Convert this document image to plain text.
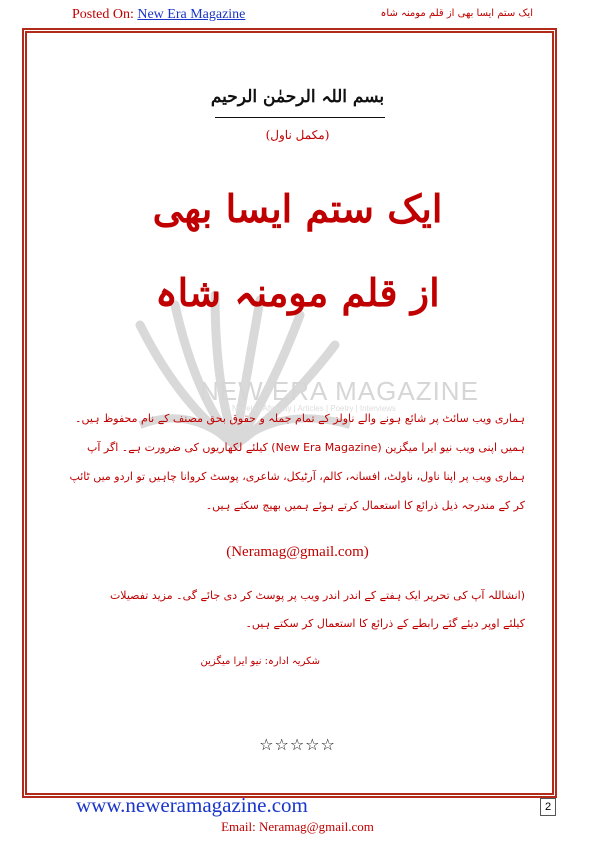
Posted On: New Era Magazine	ایک ستم ایسا بھی از قلم مومنہ شاہ
NEW ERA MAGAZINE
Novels | Afsanay | Articles | Poetry | Interviews
بسم اللہ الرحمٰن الرحیم
(مکمل ناول)
ایک ستم ایسا بھی
از قلم مومنہ شاہ
ہماری ویب سائٹ پر شائع ہونے والے ناولز کے تمام جملہ و حقوق بحق مصنف کے نام محفوظ ہیں۔ ہمیں اپنی ویب نیو ایرا میگزین (New Era Magazine) کیلئے لکھاریوں کی ضرورت ہے۔ اگر آپ ہماری ویب پر اپنا ناول، ناولٹ، افسانہ، کالم، آرٹیکل، شاعری، پوسٹ کروانا چاہیں تو اردو میں ٹائپ کر کے مندرجہ ذیل ذرائع کا استعمال کرتے ہوئے ہمیں بھیج سکتے ہیں۔
(Neramag@gmail.com)
(انشاللہ آپ کی تحریر ایک ہفتے کے اندر اندر ویب پر پوسٹ کر دی جائے گی۔ مزید تفصیلات کیلئے اوپر دیئے گئے رابطے کے ذرائع کا استعمال کر سکتے ہیں۔
شکریہ ادارہ: نیو ایرا میگزین
☆☆☆☆☆
www.neweramagazine.com	2
Email: Neramag@gmail.com
